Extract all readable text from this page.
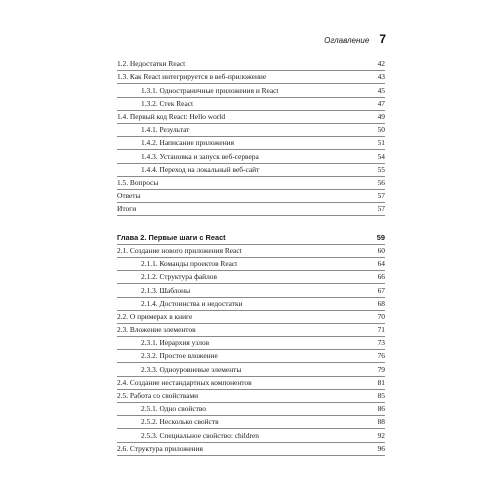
Оглавление 7
1.2. Недостатки React	42
1.3. Как React интегрируется в веб-приложение	43
1.3.1. Одностраничные приложения и React	45
1.3.2. Стек React	47
1.4. Первый код React: Hello world	49
1.4.1. Результат	50
1.4.2. Написание приложения	51
1.4.3. Установка и запуск веб-сервера	54
1.4.4. Переход на локальный веб-сайт	55
1.5. Вопросы	56
Ответы	57
Итоги	57
Глава 2. Первые шаги с React	59
2.1. Создание нового приложения React	60
2.1.1. Команды проектов React	64
2.1.2. Структура файлов	66
2.1.3. Шаблоны	67
2.1.4. Достоинства и недостатки	68
2.2. О примерах в книге	70
2.3. Вложение элементов	71
2.3.1. Иерархия узлов	73
2.3.2. Простое вложение	76
2.3.3. Одноуровневые элементы	79
2.4. Создание нестандартных компонентов	81
2.5. Работа со свойствами	85
2.5.1. Одно свойство	86
2.5.2. Несколько свойств	88
2.5.3. Специальное свойство: children	92
2.6. Структура приложения	96
